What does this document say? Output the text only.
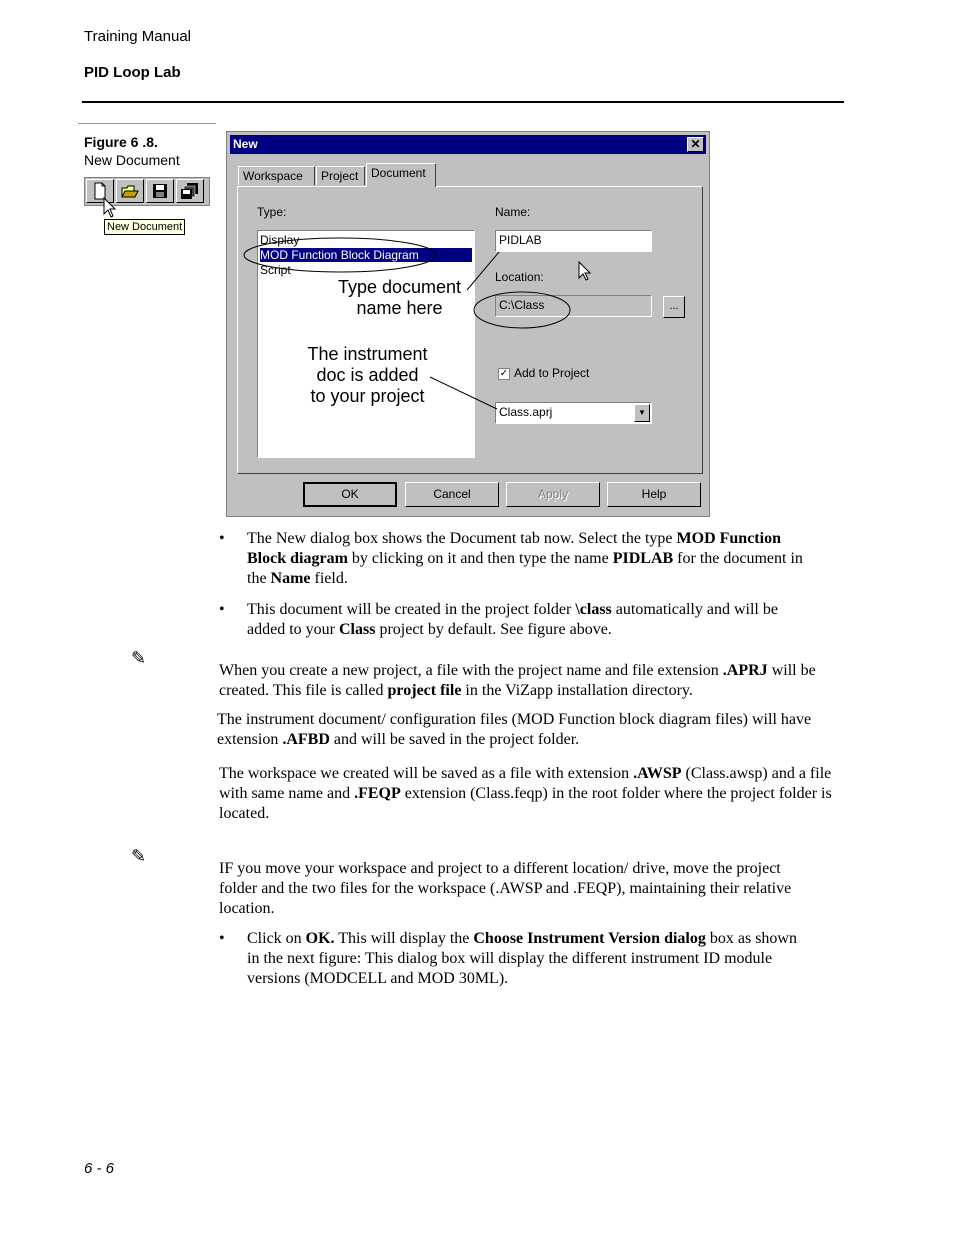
Training Manual
PID Loop Lab
Figure 6 .8.
New Document
New Document
New	✕
Workspace	Project	Document
Type:
Display
MOD Function Block Diagram
Script
Name:
PIDLAB
Location:
C:\Class	...
✓ Add to Project
Class.aprj	▼
OK	Cancel	Apply	Help
Type document
name here
The instrument
doc is added
to your project
• The New dialog box shows the Document tab now. Select the type MOD Function Block diagram by clicking on it and then type the name PIDLAB for the document in the Name field.
• This document will be created in the project folder \class automatically and will be added to your Class project by default. See figure above.
✎
When you create a new project, a file with the project name and file extension .APRJ will be created. This file is called project file in the ViZapp installation directory.
The instrument document/ configuration files (MOD Function block diagram files) will have extension .AFBD and will be saved in the project folder.
The workspace we created will be saved as a file with extension .AWSP (Class.awsp) and a file with same name and .FEQP extension (Class.feqp) in the root folder where the project folder is located.
✎
IF you move your workspace and project to a different location/ drive, move the project folder and the two files for the workspace (.AWSP and .FEQP), maintaining their relative location.
• Click on OK. This will display the Choose Instrument Version dialog box as shown in the next figure: This dialog box will display the different instrument ID module versions (MODCELL and MOD 30ML).
6 - 6
